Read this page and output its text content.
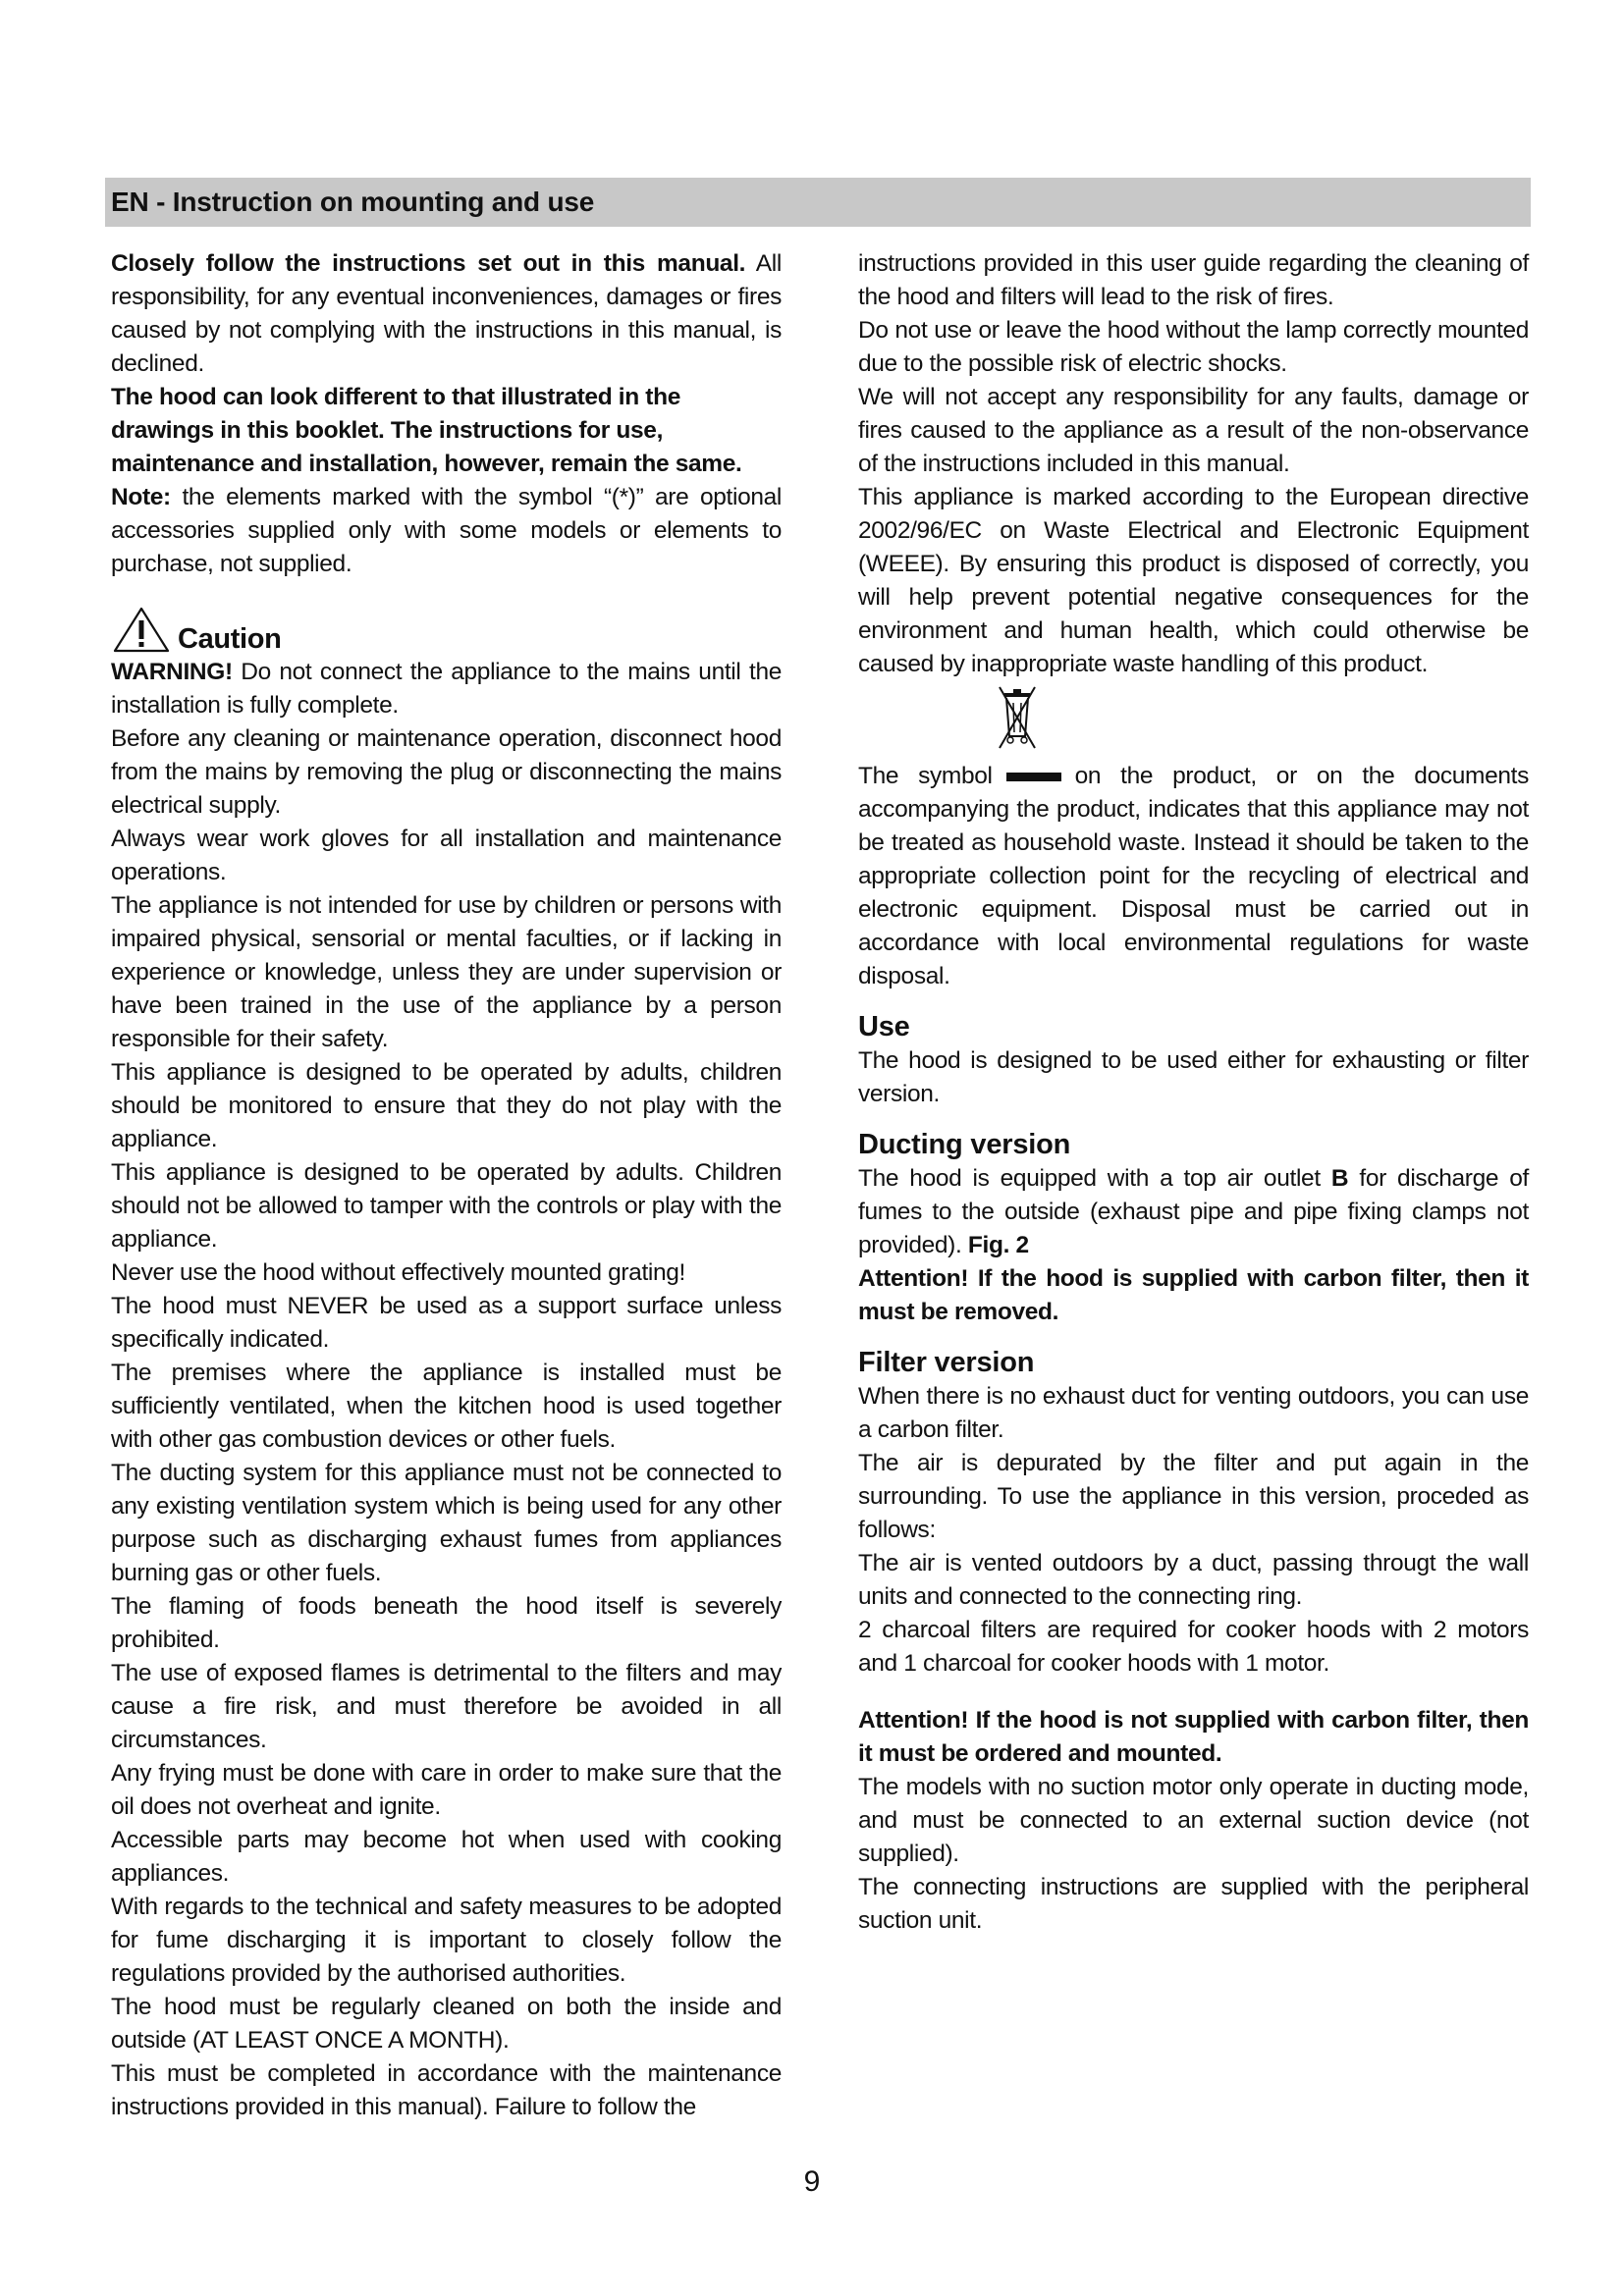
EN - Instruction on mounting and use

Closely follow the instructions set out in this manual. All responsibility, for any eventual inconveniences, damages or fires caused by not complying with the instructions in this manual, is declined.

The hood can look different to that illustrated in the drawings in this booklet. The instructions for use, maintenance and installation, however, remain the same.

Note: the elements marked with the symbol “(*)” are optional accessories supplied only with some models or elements to purchase, not supplied.

Caution

WARNING! Do not connect the appliance to the mains until the installation is fully complete.

Before any cleaning or maintenance operation, disconnect hood from the mains by removing the plug or disconnecting the mains electrical supply.

Always wear work gloves for all installation and maintenance operations.

The appliance is not intended for use by children or persons with impaired physical, sensorial or mental faculties, or if lacking in experience or knowledge, unless they are under supervision or have been trained in the use of the appliance by a person responsible for their safety.

This appliance is designed to be operated by adults, children should be monitored to ensure that they do not play with the appliance.

This appliance is designed to be operated by adults. Children should not be allowed to tamper with the controls or play with the appliance.

Never use the hood without effectively mounted grating!

The hood must NEVER be used as a support surface unless specifically indicated.

The premises where the appliance is installed must be sufficiently ventilated, when the kitchen hood is used together with other gas combustion devices or other fuels.

The ducting system for this appliance must not be connected to any existing ventilation system which is being used for any other purpose such as discharging exhaust fumes from appliances burning gas or other fuels.

The flaming of foods beneath the hood itself is severely prohibited.

The use of exposed flames is detrimental to the filters and may cause a fire risk, and must therefore be avoided in all circumstances.

Any frying must be done with care in order to make sure that the oil does not overheat and ignite.

Accessible parts may become hot when used with cooking appliances.

With regards to the technical and safety measures to be adopted for fume discharging it is important to closely follow the regulations provided by the authorised authorities.

The hood must be regularly cleaned on both the inside and outside (AT LEAST ONCE A MONTH).

This must be completed in accordance with the maintenance instructions provided in this manual). Failure to follow the

instructions provided in this user guide regarding the cleaning of the hood and filters will lead to the risk of fires.

Do not use or leave the hood without the lamp correctly mounted due to the possible risk of electric shocks.

We will not accept any responsibility for any faults, damage or fires caused to the appliance as a result of the non-observance of the instructions included in this manual.

This appliance is marked according to the European directive 2002/96/EC on Waste Electrical and Electronic Equipment (WEEE). By ensuring this product is disposed of correctly, you will help prevent potential negative consequences for the environment and human health, which could otherwise be caused by inappropriate waste handling of this product.

The symbol	on the product, or on the documents accompanying the product, indicates that this appliance may not be treated as household waste. Instead it should be taken to the appropriate collection point for the recycling of electrical and electronic equipment. Disposal must be carried out in accordance with local environmental regulations for waste disposal.

Use

The hood is designed to be used either for exhausting or filter version.

Ducting version

The hood is equipped with a top air outlet B for discharge of fumes to the outside (exhaust pipe and pipe fixing clamps not provided). Fig. 2

Attention! If the hood is supplied with carbon filter, then it must be removed.

Filter version

When there is no exhaust duct for venting outdoors, you can use a carbon filter.

The air is depurated by the filter and put again in the surrounding. To use the appliance in this version, proceded as follows:

The air is vented outdoors by a duct, passing througt the wall units and connected to the connecting ring.

2 charcoal filters are required for cooker hoods with 2 motors and 1 charcoal for cooker hoods with 1 motor.

Attention! If the hood is not supplied with carbon filter, then it must be ordered and mounted.

The models with no suction motor only operate in ducting mode, and must be connected to an external suction device (not supplied).

The connecting instructions are supplied with the peripheral suction unit.

9
